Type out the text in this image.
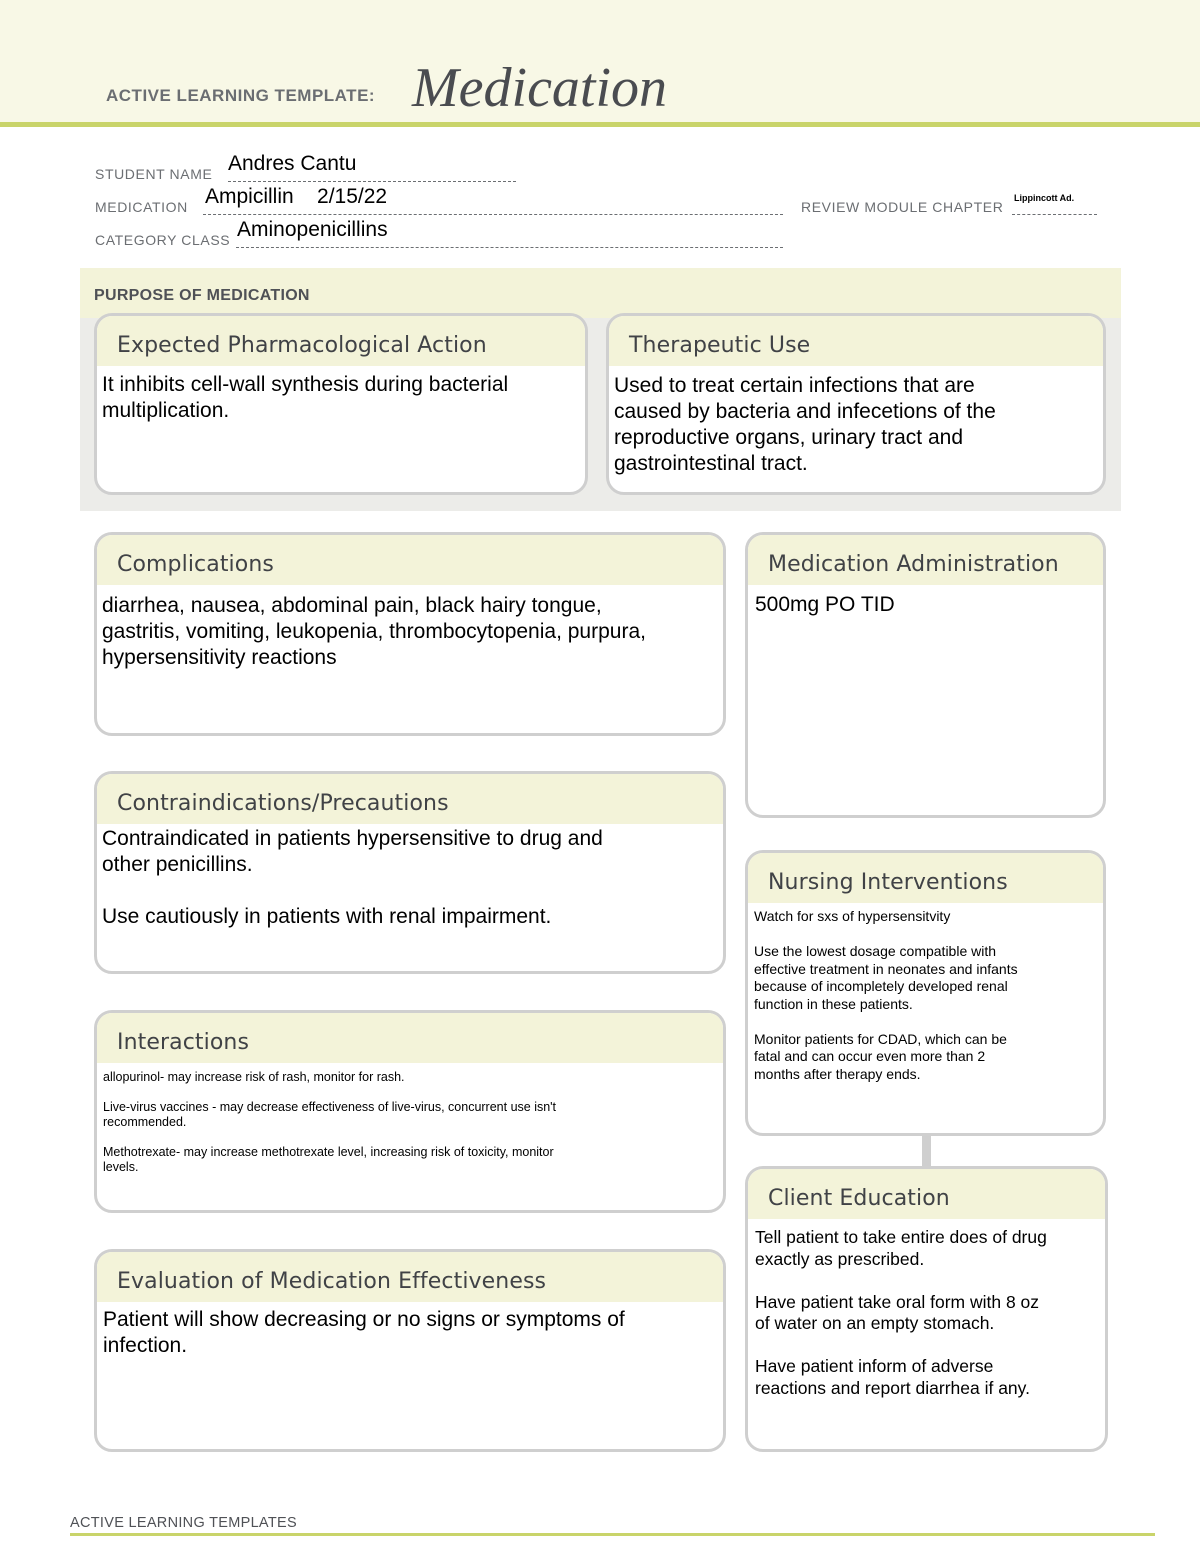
ACTIVE LEARNING TEMPLATE: Medication
STUDENT NAME Andres Cantu
MEDICATION Ampicillin    2/15/22	REVIEW MODULE CHAPTER
Lippincott Ad.
CATEGORY CLASS Aminopenicillins
PURPOSE OF MEDICATION
Expected Pharmacological Action
It inhibits cell-wall synthesis during bacterial
multiplication.
Therapeutic Use
Used to treat certain infections that are
caused by bacteria and infecetions of the
reproductive organs, urinary tract and
gastrointestinal tract.
Complications
diarrhea, nausea, abdominal pain, black hairy tongue,
gastritis, vomiting, leukopenia, thrombocytopenia, purpura,
hypersensitivity reactions
Medication Administration
500mg PO TID
Contraindications/Precautions
Contraindicated in patients hypersensitive to drug and
other penicillins.

Use cautiously in patients with renal impairment.
Nursing Interventions
Watch for sxs of hypersensitvity

Use the lowest dosage compatible with
effective treatment in neonates and infants
because of incompletely developed renal
function in these patients.

Monitor patients for CDAD, which can be
fatal and can occur even more than 2
months after therapy ends.
Interactions
allopurinol- may increase risk of rash, monitor for rash.

Live-virus vaccines - may decrease effectiveness of live-virus, concurrent use isn't
recommended.

Methotrexate- may increase methotrexate level, increasing risk of toxicity, monitor
levels.
Client Education
Tell patient to take entire does of drug
exactly as prescribed.

Have patient take oral form with 8 oz
of water on an empty stomach.

Have patient inform of adverse
reactions and report diarrhea if any.
Evaluation of Medication Effectiveness
Patient will show decreasing or no signs or symptoms of
infection.
ACTIVE LEARNING TEMPLATES
